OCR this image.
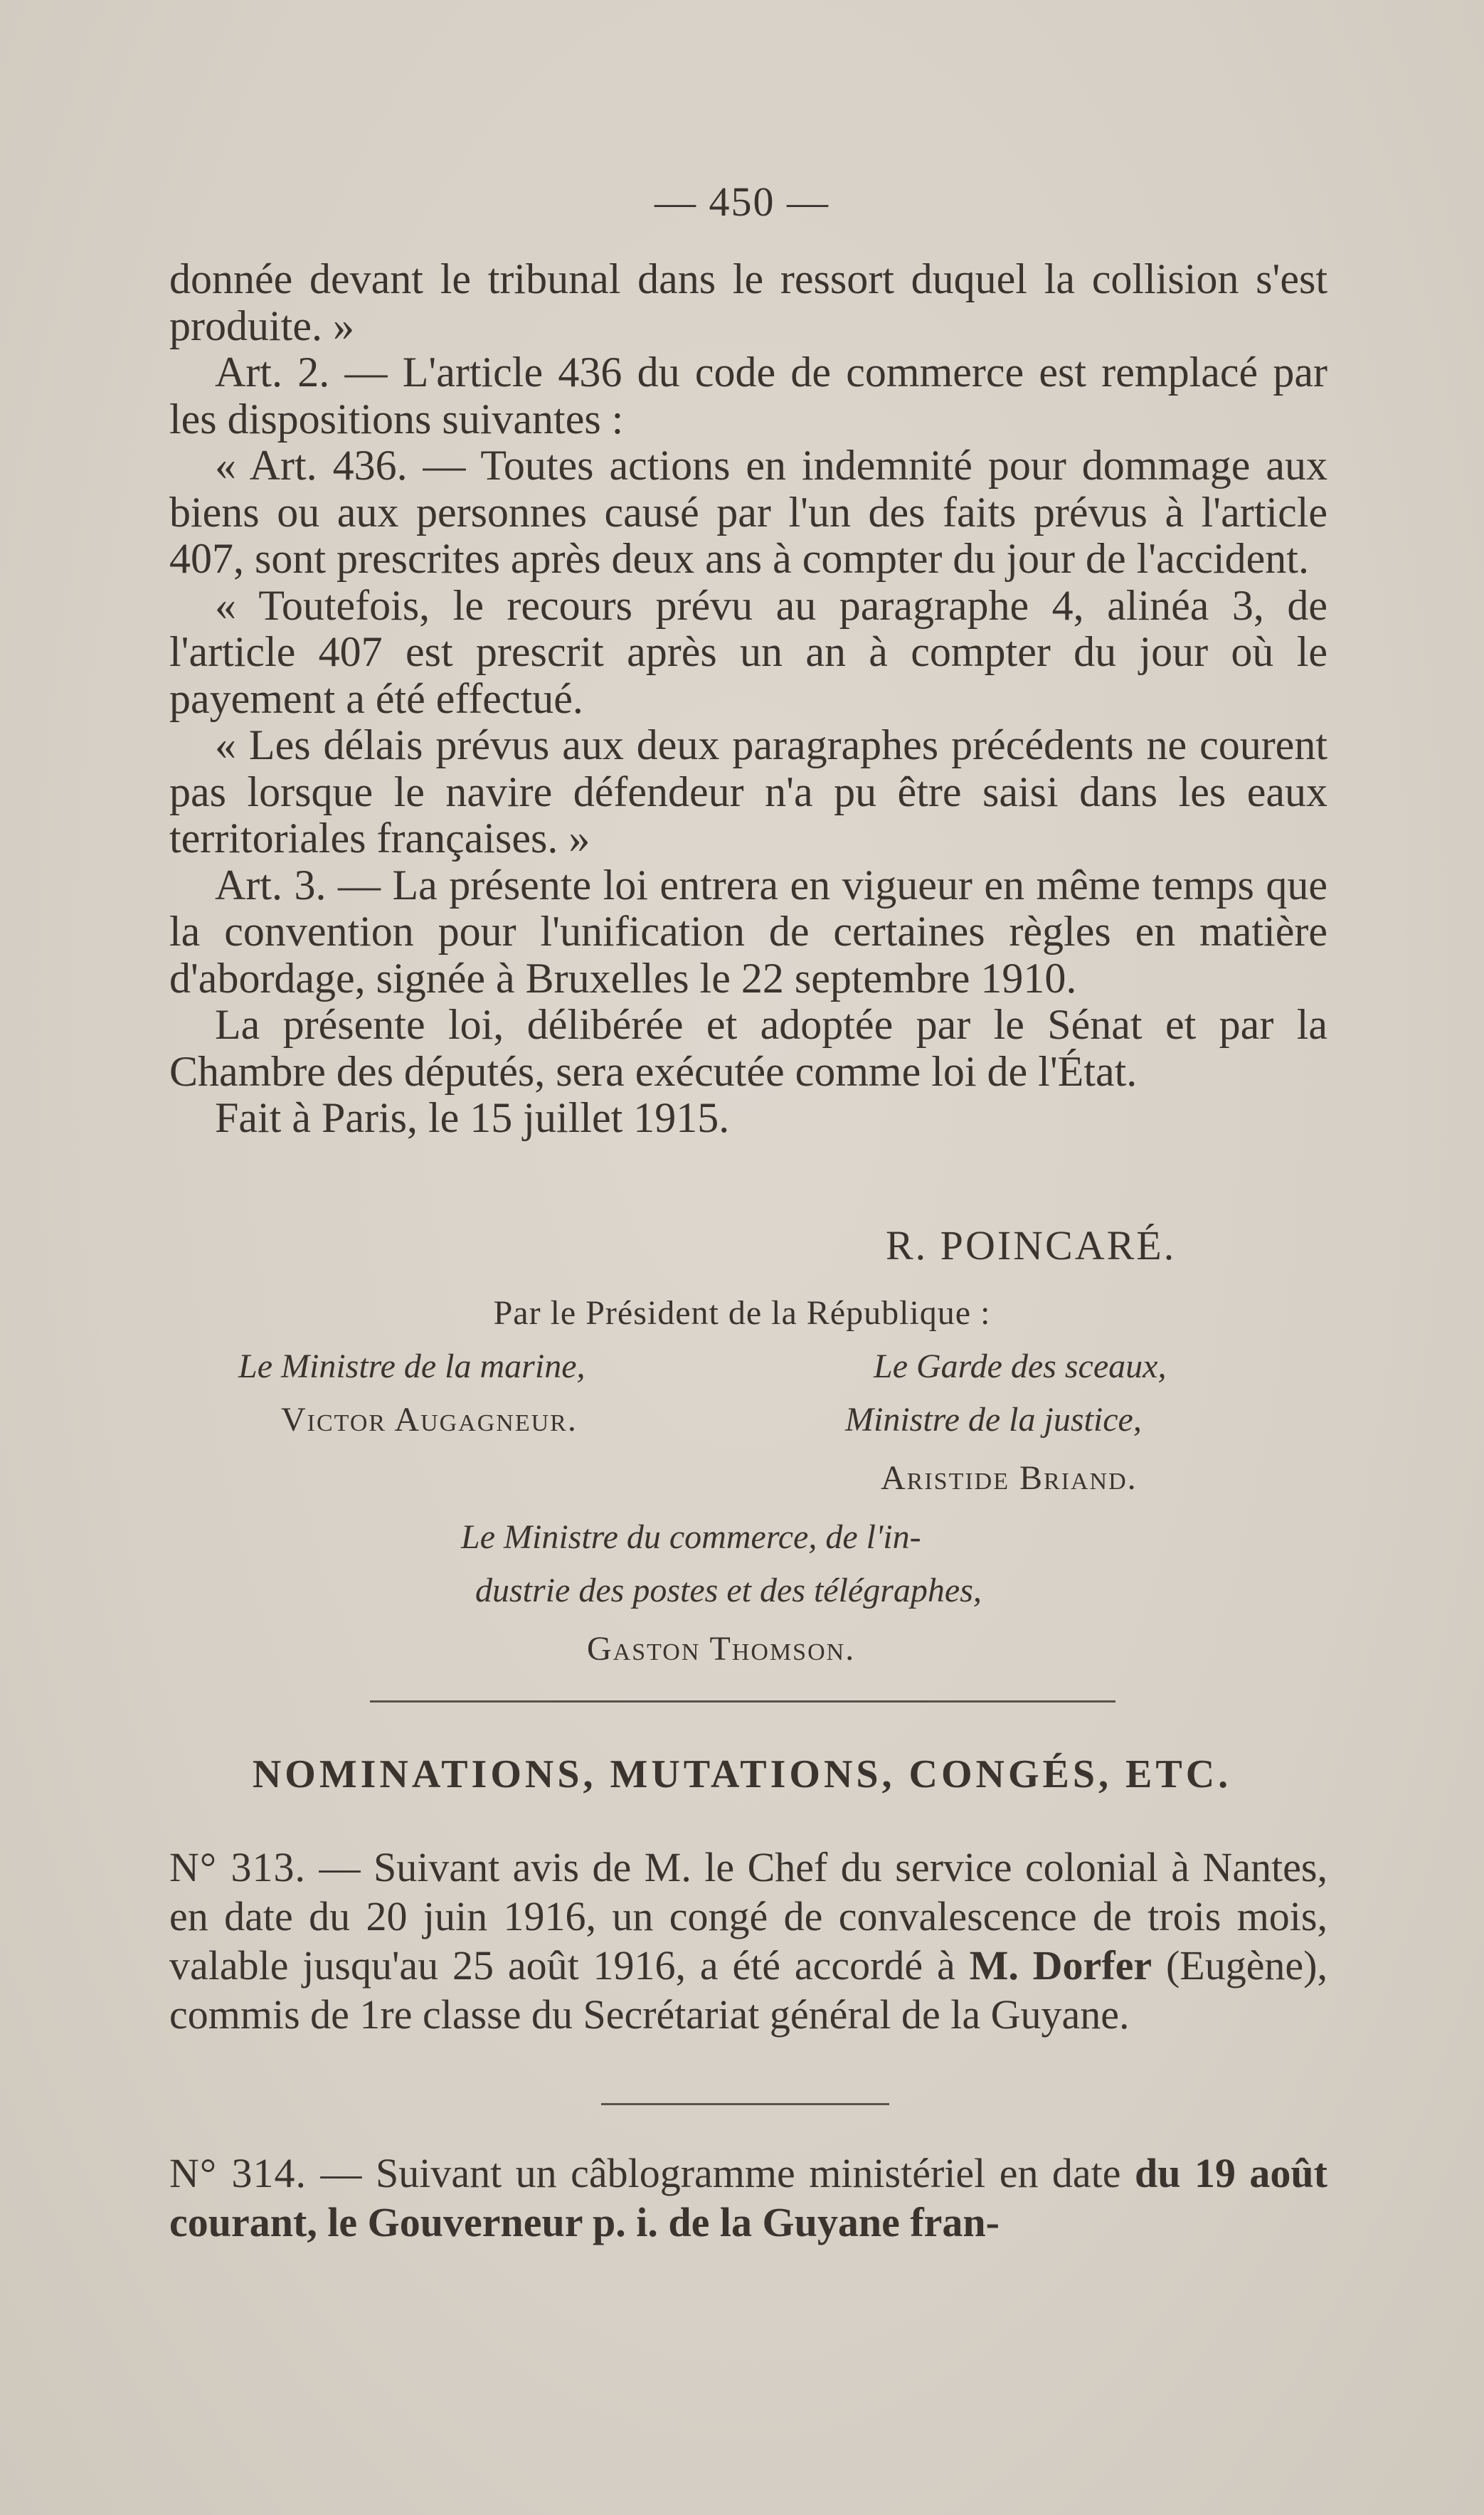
— 450 —

donnée devant le tribunal dans le ressort duquel la collision s'est produite. »

Art. 2. — L'article 436 du code de commerce est remplacé par les dispositions suivantes :

« Art. 436. — Toutes actions en indemnité pour dommage aux biens ou aux personnes causé par l'un des faits prévus à l'article 407, sont prescrites après deux ans à compter du jour de l'accident.

« Toutefois, le recours prévu au paragraphe 4, alinéa 3, de l'article 407 est prescrit après un an à compter du jour où le payement a été effectué.

« Les délais prévus aux deux paragraphes précédents ne courent pas lorsque le navire défendeur n'a pu être saisi dans les eaux territoriales françaises. »

Art. 3. — La présente loi entrera en vigueur en même temps que la convention pour l'unification de certaines règles en matière d'abordage, signée à Bruxelles le 22 septembre 1910.

La présente loi, délibérée et adoptée par le Sénat et par la Chambre des députés, sera exécutée comme loi de l'État.

Fait à Paris, le 15 juillet 1915.

R. POINCARÉ.
Par le Président de la République :
Le Ministre de la marine,
Victor Augagneur.
Le Garde des sceaux,
Ministre de la justice,
Aristide Briand.
Le Ministre du commerce, de l'in-
dustrie des postes et des télégraphes,
Gaston Thomson.
NOMINATIONS, MUTATIONS, CONGÉS, ETC.
N° 313. — Suivant avis de M. le Chef du service colonial à Nantes, en date du 20 juin 1916, un congé de convalescence de trois mois, valable jusqu'au 25 août 1916, a été accordé à M. Dorfer (Eugène), commis de 1re classe du Secrétariat général de la Guyane.
N° 314. — Suivant un câblogramme ministériel en date du 19 août courant, le Gouverneur p. i. de la Guyane fran-
